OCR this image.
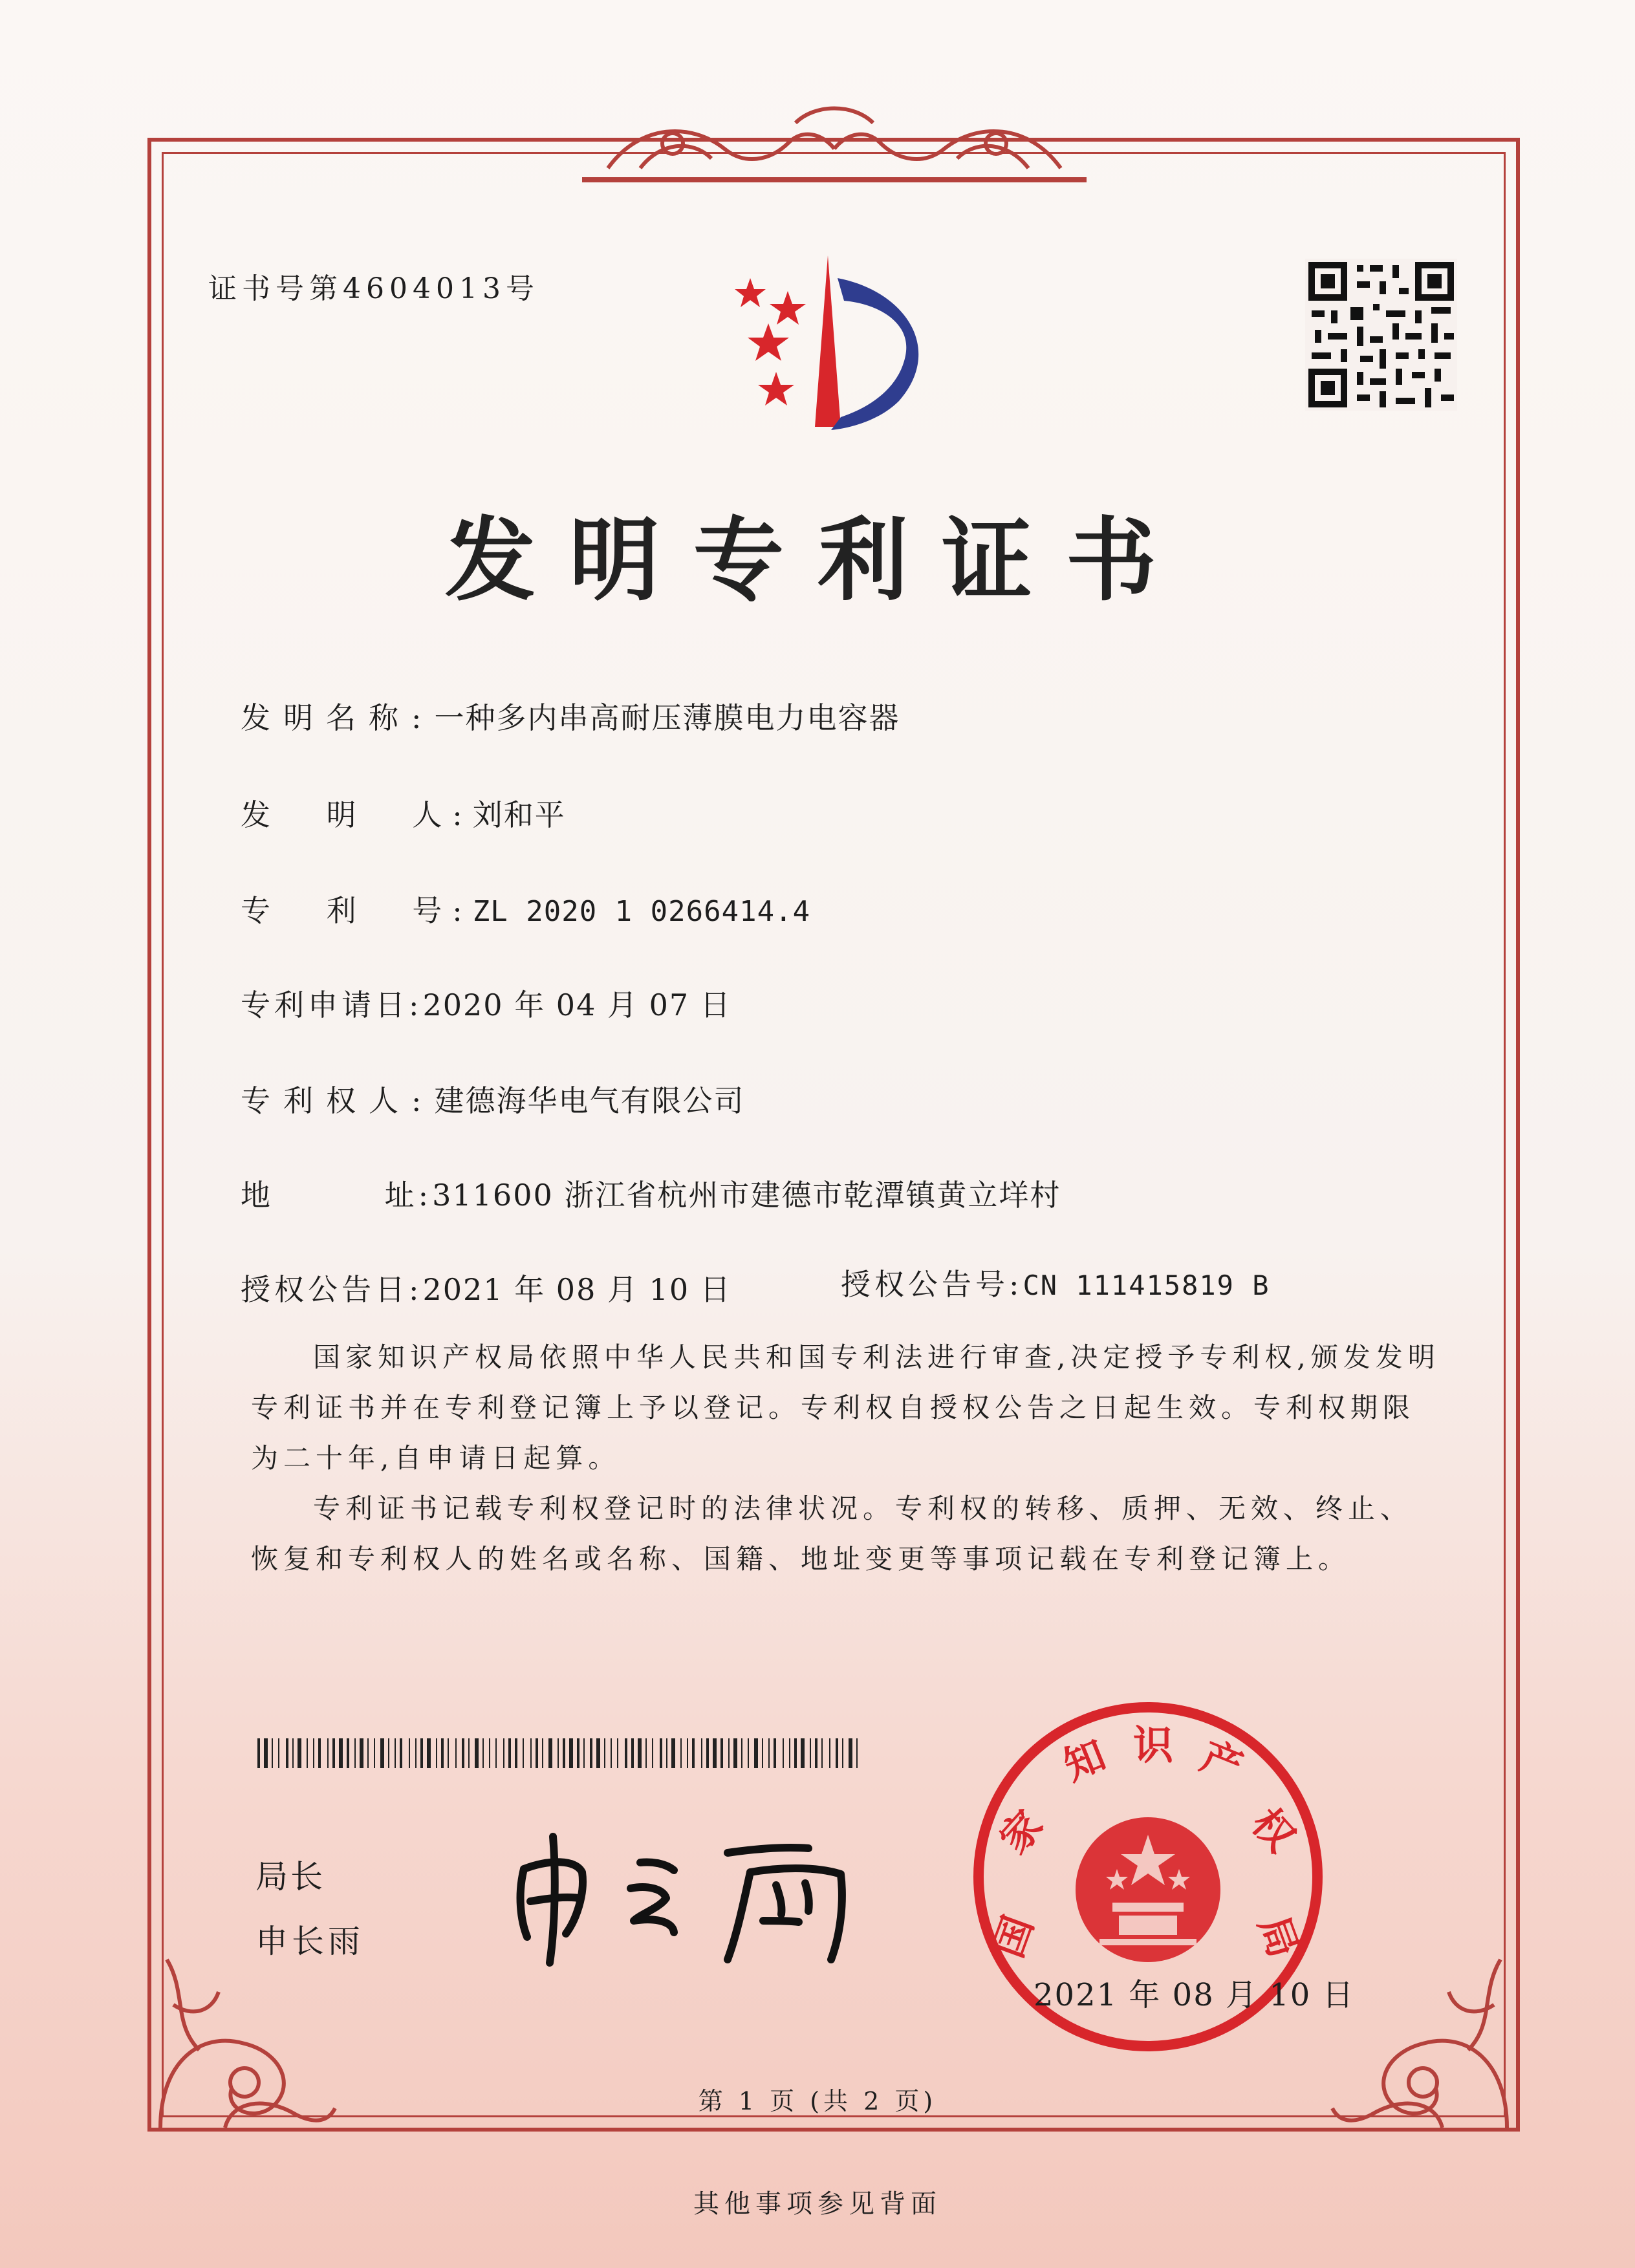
证书号第4604013号
发明专利证书
发明名称:一种多内串高耐压薄膜电力电容器
发 明 人:刘和平
专 利 号:ZL 2020 1 0266414.4
专利申请日:2020 年 04 月 07 日
专利权人:建德海华电气有限公司
地 址:311600 浙江省杭州市建德市乾潭镇黄立垟村
授权公告日:2021 年 08 月 10 日	授权公告号:CN 111415819 B

国家知识产权局依照中华人民共和国专利法进行审查,决定授予专利权,颁发发明专利证书并在专利登记簿上予以登记。专利权自授权公告之日起生效。专利权期限为二十年,自申请日起算。

专利证书记载专利权登记时的法律状况。专利权的转移、质押、无效、终止、恢复和专利权人的姓名或名称、国籍、地址变更等事项记载在专利登记簿上。

局长
申长雨	国
家
知 识 产
权
局
2021 年 08 月 10 日
第 1 页 (共 2 页)
其他事项参见背面
